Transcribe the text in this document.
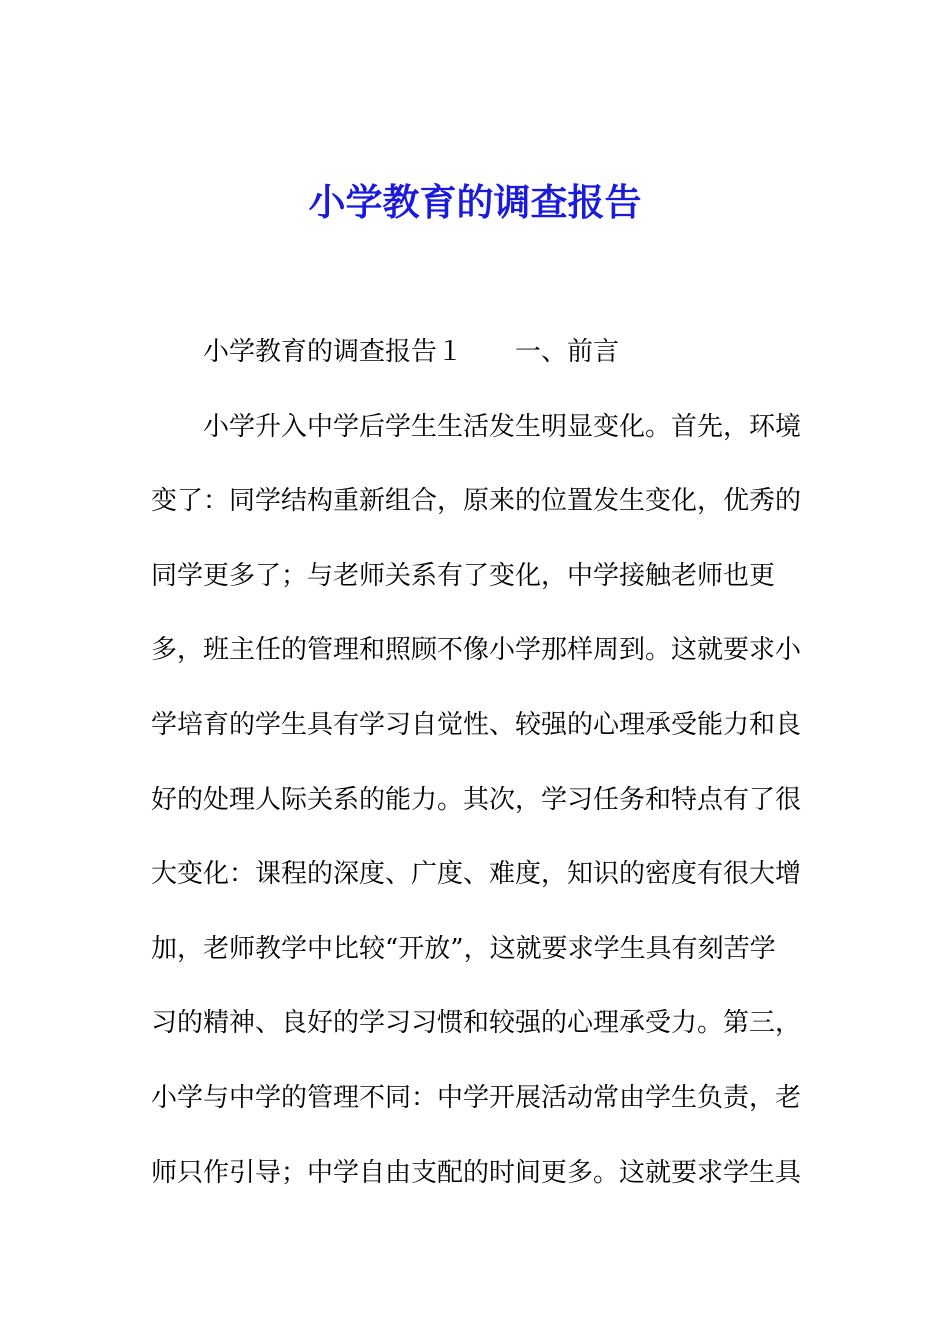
小学教育的调查报告
小学教育的调查报告１ 一、前言
小学升入中学后学生生活发生明显变化。首先，环境
变了：同学结构重新组合，原来的位置发生变化，优秀的
同学更多了；与老师关系有了变化，中学接触老师也更
多，班主任的管理和照顾不像小学那样周到。这就要求小
学培育的学生具有学习自觉性、较强的心理承受能力和良
好的处理人际关系的能力。其次，学习任务和特点有了很
大变化：课程的深度、广度、难度，知识的密度有很大增
加，老师教学中比较“开放”，这就要求学生具有刻苦学
习的精神、良好的学习习惯和较强的心理承受力。第三，
小学与中学的管理不同：中学开展活动常由学生负责，老
师只作引导；中学自由支配的时间更多。这就要求学生具
